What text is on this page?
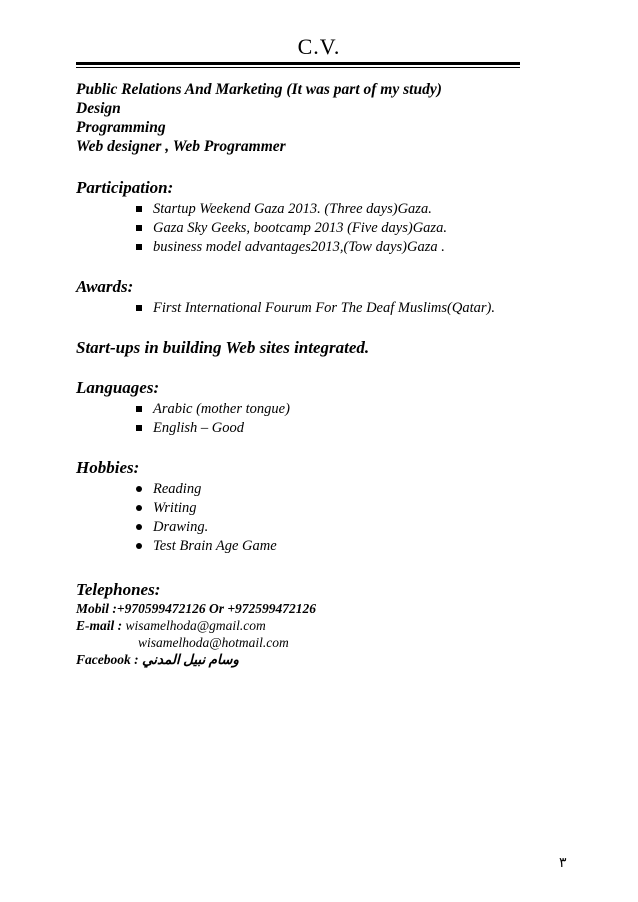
C.V.
Public Relations And Marketing (It was part of my study)
Design
Programming
Web designer , Web Programmer
Participation:
Startup Weekend Gaza 2013. (Three days)Gaza.
Gaza Sky Geeks, bootcamp 2013 (Five days)Gaza.
business model advantages2013,(Tow days)Gaza .
Awards:
First International Fourum For The Deaf Muslims(Qatar).
Start-ups in building Web sites integrated.
Languages:
Arabic (mother tongue)
English – Good
Hobbies:
Reading
Writing
Drawing.
Test Brain Age Game
Telephones:
Mobil :+970599472126 Or +972599472126
E-mail : wisamelhoda@gmail.com
wisamelhoda@hotmail.com
Facebook : وسام نبيل المدني
٣
